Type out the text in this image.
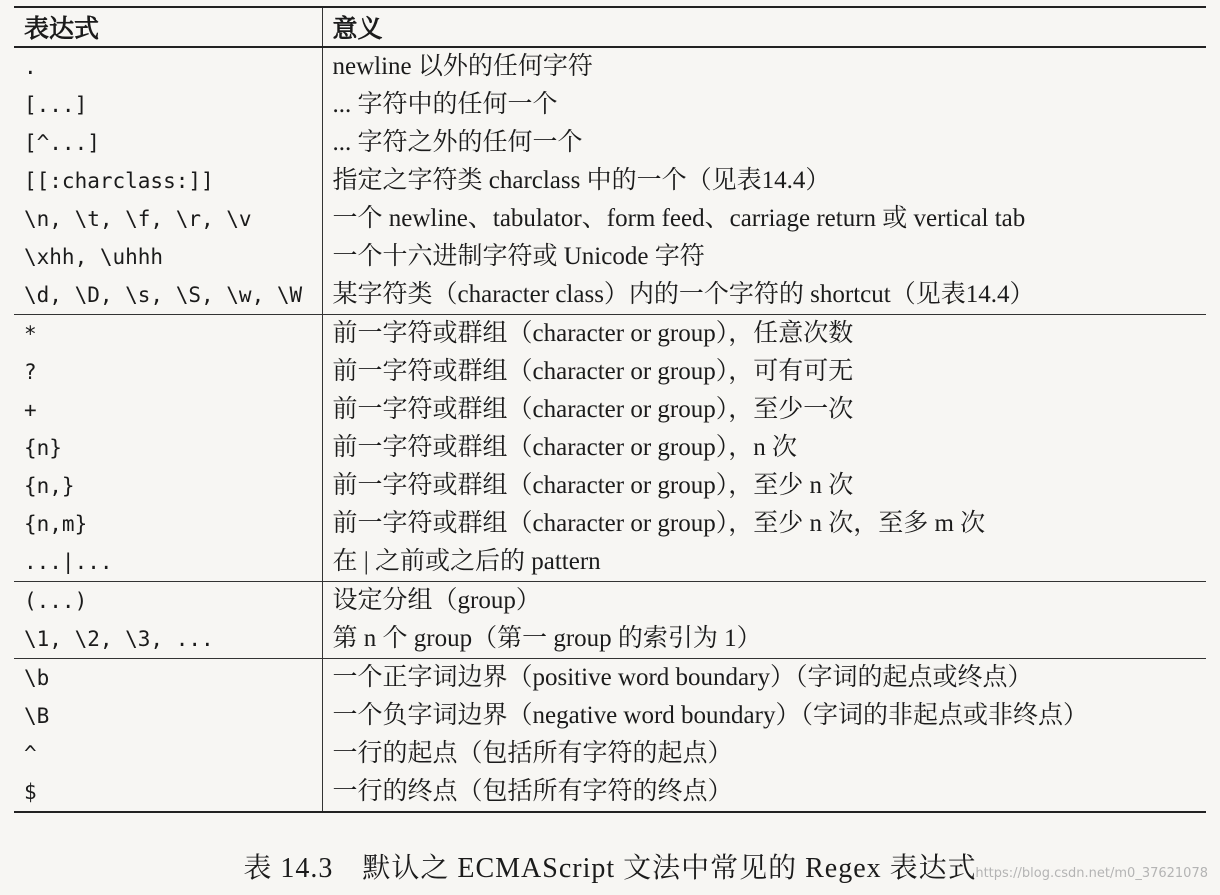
表达式	意义
.	newline 以外的任何字符
[...]	... 字符中的任何一个
[^...]	... 字符之外的任何一个
[[:charclass:]]	指定之字符类 charclass 中的一个（见表14.4）
\n, \t, \f, \r, \v	一个 newline、tabulator、form feed、carriage return 或 vertical tab
\xhh, \uhhh	一个十六进制字符或 Unicode 字符
\d, \D, \s, \S, \w, \W	某字符类（character class）内的一个字符的 shortcut（见表14.4）
*	前一字符或群组（character or group），任意次数
?	前一字符或群组（character or group），可有可无
+	前一字符或群组（character or group），至少一次
{n}	前一字符或群组（character or group），n 次
{n,}	前一字符或群组（character or group），至少 n 次
{n,m}	前一字符或群组（character or group），至少 n 次，至多 m 次
...|...	在 | 之前或之后的 pattern
(...)	设定分组（group）
\1, \2, \3, ...	第 n 个 group（第一 group 的索引为 1）
\b	一个正字词边界（positive word boundary）（字词的起点或终点）
\B	一个负字词边界（negative word boundary）（字词的非起点或非终点）
^	一行的起点（包括所有字符的起点）
$	一行的终点（包括所有字符的终点）
表 14.3　默认之 ECMAScript 文法中常见的 Regex 表达式
https://blog.csdn.net/m0_37621078
